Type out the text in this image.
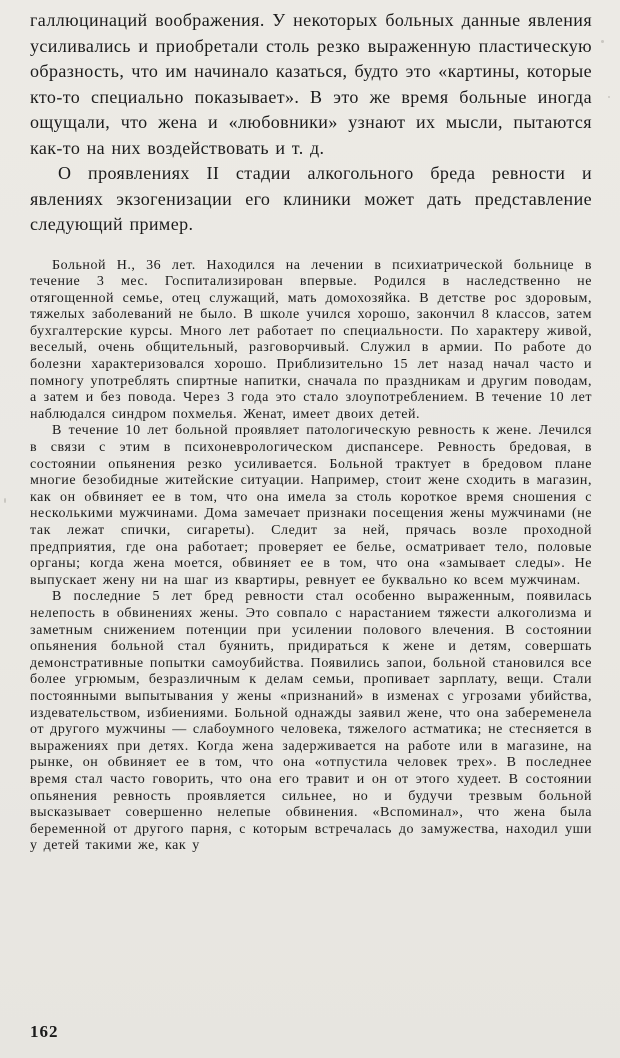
галлюцинаций воображения. У некоторых больных данные явления усиливались и приобретали столь резко выраженную пластическую образность, что им начинало казаться, будто это «картины, которые кто-то специально показывает». В это же время больные иногда ощущали, что жена и «любовники» узнают их мысли, пытаются как-то на них воздействовать и т. д.

О проявлениях II стадии алкогольного бреда ревности и явлениях экзогенизации его клиники может дать представление следующий пример.

Больной Н., 36 лет. Находился на лечении в психиатрической больнице в течение 3 мес. Госпитализирован впервые. Родился в наследственно не отягощенной семье, отец служащий, мать домохозяйка. В детстве рос здоровым, тяжелых заболеваний не было. В школе учился хорошо, закончил 8 классов, затем бухгалтерские курсы. Много лет работает по специальности. По характеру живой, веселый, очень общительный, разговорчивый. Служил в армии. По работе до болезни характеризовался хорошо. Приблизительно 15 лет назад начал часто и помногу употреблять спиртные напитки, сначала по праздникам и другим поводам, а затем и без повода. Через 3 года это стало злоупотреблением. В течение 10 лет наблюдался синдром похмелья. Женат, имеет двоих детей.

В течение 10 лет больной проявляет патологическую ревность к жене. Лечился в связи с этим в психоневрологическом диспансере. Ревность бредовая, в состоянии опьянения резко усиливается. Больной трактует в бредовом плане многие безобидные житейские ситуации. Например, стоит жене сходить в магазин, как он обвиняет ее в том, что она имела за столь короткое время сношения с несколькими мужчинами. Дома замечает признаки посещения жены мужчинами (не так лежат спички, сигареты). Следит за ней, прячась возле проходной предприятия, где она работает; проверяет ее белье, осматривает тело, половые органы; когда жена моется, обвиняет ее в том, что она «замывает следы». Не выпускает жену ни на шаг из квартиры, ревнует ее буквально ко всем мужчинам.

В последние 5 лет бред ревности стал особенно выраженным, появилась нелепость в обвинениях жены. Это совпало с нарастанием тяжести алкоголизма и заметным снижением потенции при усилении полового влечения. В состоянии опьянения больной стал буянить, придираться к жене и детям, совершать демонстративные попытки самоубийства. Появились запои, больной становился все более угрюмым, безразличным к делам семьи, пропивает зарплату, вещи. Стали постоянными выпытывания у жены «признаний» в изменах с угрозами убийства, издевательством, избиениями. Больной однажды заявил жене, что она забеременела от другого мужчины — слабоумного человека, тяжелого астматика; не стесняется в выражениях при детях. Когда жена задерживается на работе или в магазине, на рынке, он обвиняет ее в том, что она «отпустила человек трех». В последнее время стал часто говорить, что она его травит и он от этого худеет. В состоянии опьянения ревность проявляется сильнее, но и будучи трезвым больной высказывает совершенно нелепые обвинения. «Вспоминал», что жена была беременной от другого парня, с которым встречалась до замужества, находил уши у детей такими же, как у

162
